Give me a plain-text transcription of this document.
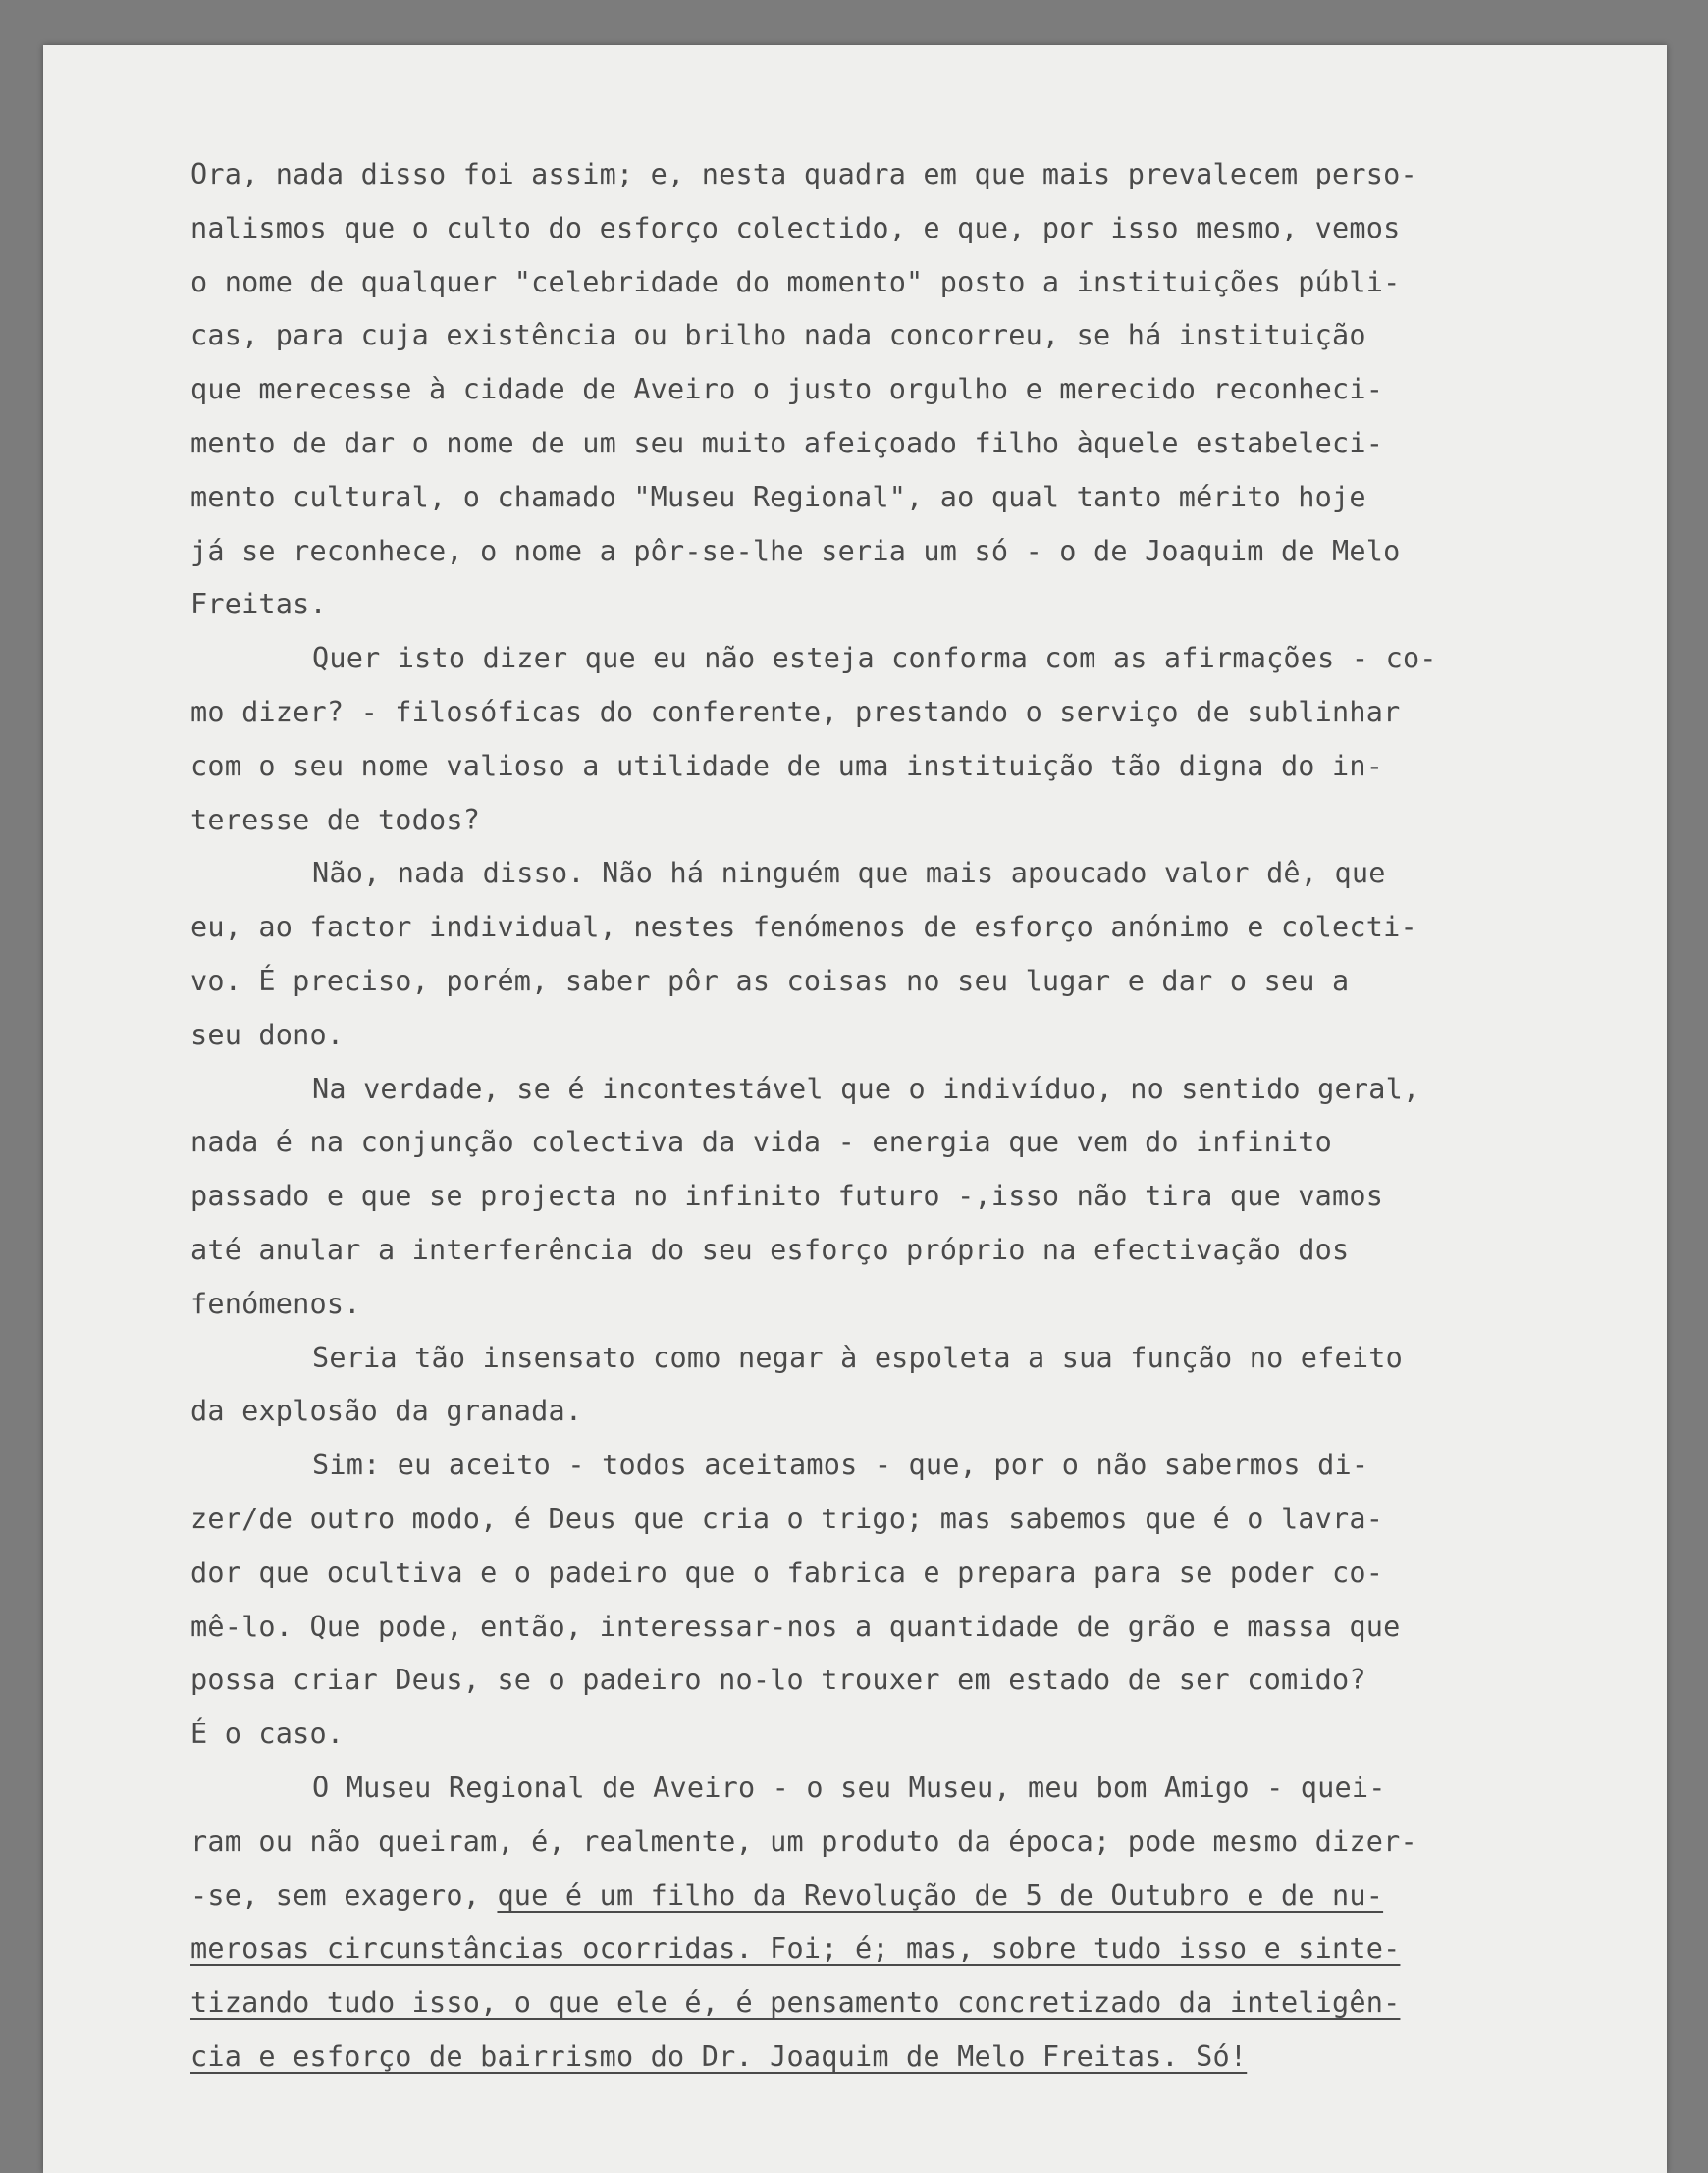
Ora, nada disso foi assim; e, nesta quadra em que mais prevalecem perso-
nalismos que o culto do esforço colectido, e que, por isso mesmo, vemos
o nome de qualquer "celebridade do momento" posto a instituições públi-
cas, para cuja existência ou brilho nada concorreu, se há instituição
que merecesse à cidade de Aveiro o justo orgulho e merecido reconheci-
mento de dar o nome de um seu muito afeiçoado filho àquele estabeleci-
mento cultural, o chamado "Museu Regional", ao qual tanto mérito hoje
já se reconhece, o nome a pôr-se-lhe seria um só - o de Joaquim de Melo
Freitas.
Quer isto dizer que eu não esteja conforma com as afirmações - co-
mo dizer? - filosóficas do conferente, prestando o serviço de sublinhar
com o seu nome valioso a utilidade de uma instituição tão digna do in-
teresse de todos?
Não, nada disso. Não há ninguém que mais apoucado valor dê, que
eu, ao factor individual, nestes fenómenos de esforço anónimo e colecti-
vo. É preciso, porém, saber pôr as coisas no seu lugar e dar o seu a
seu dono.
Na verdade, se é incontestável que o indivíduo, no sentido geral,
nada é na conjunção colectiva da vida - energia que vem do infinito
passado e que se projecta no infinito futuro -,isso não tira que vamos
até anular a interferência do seu esforço próprio na efectivação dos
fenómenos.
Seria tão insensato como negar à espoleta a sua função no efeito
da explosão da granada.
Sim: eu aceito - todos aceitamos - que, por o não sabermos di-
zer/de outro modo, é Deus que cria o trigo; mas sabemos que é o lavra-
dor que ocultiva e o padeiro que o fabrica e prepara para se poder co-
mê-lo. Que pode, então, interessar-nos a quantidade de grão e massa que
possa criar Deus, se o padeiro no-lo trouxer em estado de ser comido?
É o caso.
O Museu Regional de Aveiro - o seu Museu, meu bom Amigo - quei-
ram ou não queiram, é, realmente, um produto da época; pode mesmo dizer-
-se, sem exagero, que é um filho da Revolução de 5 de Outubro e de nu-
merosas circunstâncias ocorridas. Foi; é; mas, sobre tudo isso e sinte-
tizando tudo isso, o que ele é, é pensamento concretizado da inteligên-
cia e esforço de bairrismo do Dr. Joaquim de Melo Freitas. Só!
